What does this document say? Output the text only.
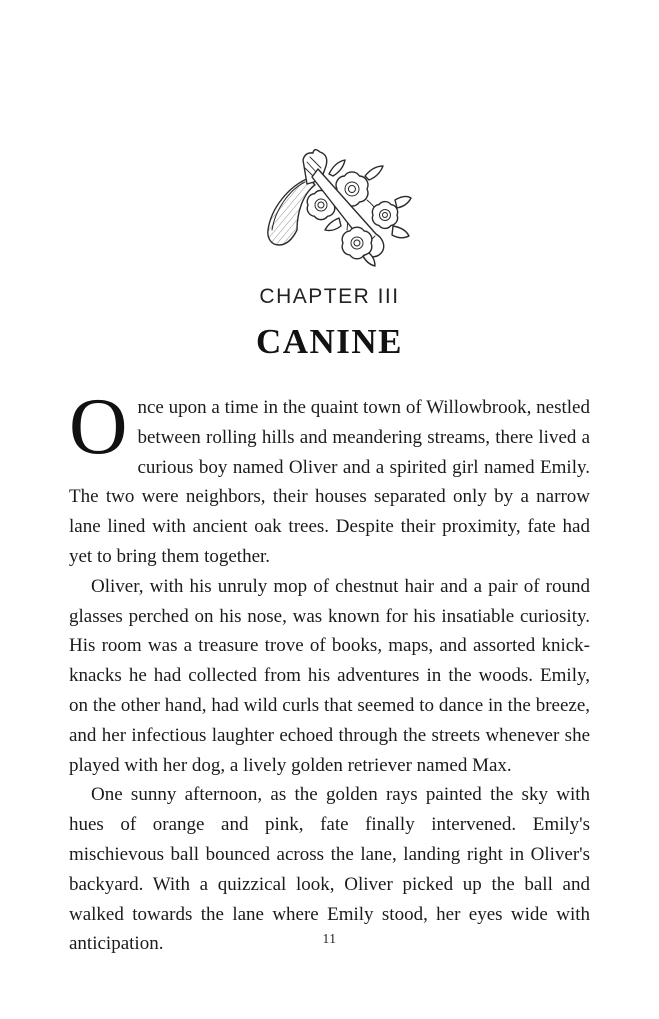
CHAPTER III
CANINE

Once upon a time in the quaint town of Willowbrook, nestled between rolling hills and meandering streams, there lived a curious boy named Oliver and a spirited girl named Emily. The two were neighbors, their houses separated only by a narrow lane lined with ancient oak trees. Despite their proximity, fate had yet to bring them together.

Oliver, with his unruly mop of chestnut hair and a pair of round glasses perched on his nose, was known for his insatiable curiosity. His room was a treasure trove of books, maps, and assorted knick-knacks he had collected from his adventures in the woods. Emily, on the other hand, had wild curls that seemed to dance in the breeze, and her infectious laughter echoed through the streets whenever she played with her dog, a lively golden retriever named Max.

One sunny afternoon, as the golden rays painted the sky with hues of orange and pink, fate finally intervened. Emily's mischievous ball bounced across the lane, landing right in Oliver's backyard. With a quizzical look, Oliver picked up the ball and walked towards the lane where Emily stood, her eyes wide with anticipation.	11
